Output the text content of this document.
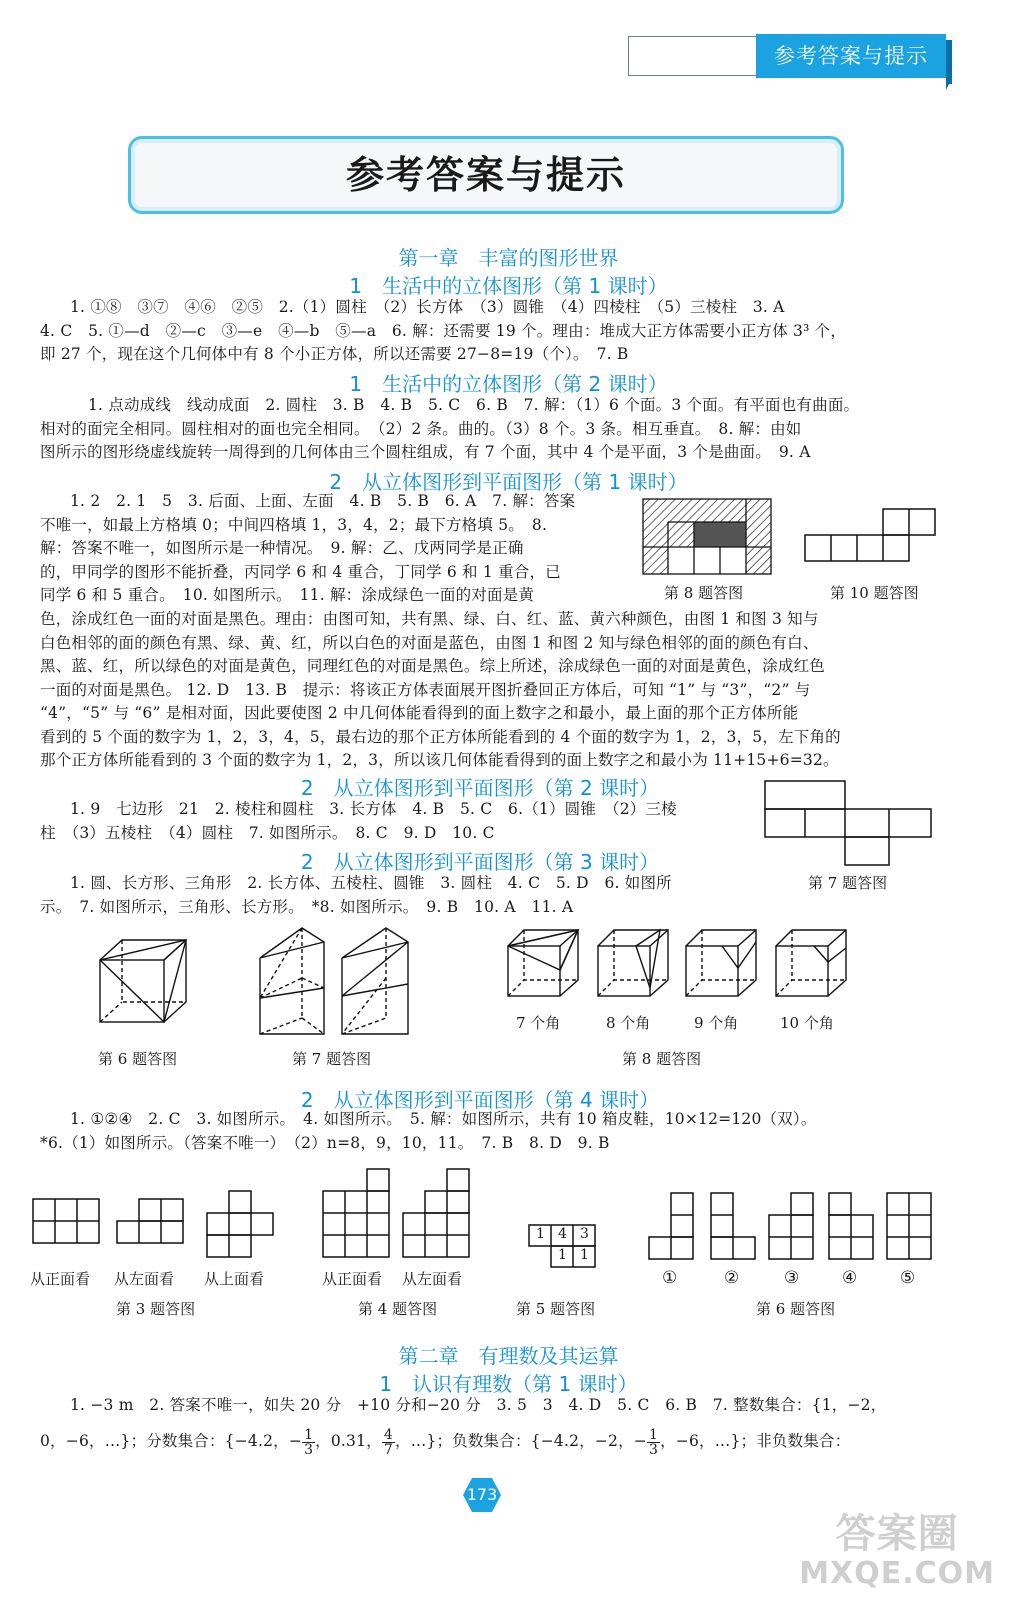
参考答案与提示
参考答案与提示
第一章　丰富的图形世界
1　生活中的立体图形（第 1 课时）
1. ①⑧　③⑦　④⑥　②⑤　2.（1）圆柱　（2）长方体　（3）圆锥　（4）四棱柱　（5）三棱柱　3. A
4. C　5. ①—d　②—c　③—e　④—b　⑤—a　6. 解：还需要 19 个。理由：堆成大正方体需要小正方体 3³ 个，
即 27 个，现在这个几何体中有 8 个小正方体，所以还需要 27−8=19（个）。　7. B
1　生活中的立体图形（第 2 课时）
1. 点动成线　线动成面　2. 圆柱　3. B　4. B　5. C　6. B　7. 解：（1）6 个面。3 个面。有平面也有曲面。
相对的面完全相同。圆柱相对的面也完全相同。　（2）2 条。曲的。（3）8 个。3 条。相互垂直。　8. 解：由如
图所示的图形绕虚线旋转一周得到的几何体由三个圆柱组成，有 7 个面，其中 4 个是平面，3 个是曲面。　9. A
2　从立体图形到平面图形（第 1 课时）
1. 2　2. 1　5　3. 后面、上面、左面　4. B　5. B　6. A　7. 解：答案
不唯一，如最上方格填 0；中间四格填 1，3，4，2；最下方格填 5。　8.
解：答案不唯一，如图所示是一种情况。　9. 解：乙、戊两同学是正确
的，甲同学的图形不能折叠，丙同学 6 和 4 重合，丁同学 6 和 1 重合，已
同学 6 和 5 重合。　10. 如图所示。　11. 解：涂成绿色一面的对面是黄	第 8 题答图	第 10 题答图
色，涂成红色一面的对面是黑色。理由：由图可知，共有黑、绿、白、红、蓝、黄六种颜色，由图 1 和图 3 知与
白色相邻的面的颜色有黑、绿、黄、红，所以白色的对面是蓝色，由图 1 和图 2 知与绿色相邻的面的颜色有白、
黑、蓝、红，所以绿色的对面是黄色，同理红色的对面是黑色。综上所述，涂成绿色一面的对面是黄色，涂成红色
一面的对面是黑色。 12. D　13. B　提示：将该正方体表面展开图折叠回正方体后，可知 “1” 与 “3”，“2” 与
“4”，“5” 与 “6” 是相对面，因此要使图 2 中几何体能看得到的面上数字之和最小，最上面的那个正方体所能
看到的 5 个面的数字为 1，2，3，4，5，最右边的那个正方体所能看到的 4 个面的数字为 1，2，3，5，左下角的
那个正方体所能看到的 3 个面的数字为 1，2，3，所以该几何体能看得到的面上数字之和最小为 11+15+6=32。
2　从立体图形到平面图形（第 2 课时）
1. 9　七边形　21　2. 棱柱和圆柱　3. 长方体　4. B　5. C　6.（1）圆锥　（2）三棱
柱　（3）五棱柱　（4）圆柱　7. 如图所示。　8. C　9. D　10. C
第 7 题答图
2　从立体图形到平面图形（第 3 课时）
1. 圆、长方形、三角形　2. 长方体、五棱柱、圆锥　3. 圆柱　4. C　5. D　6. 如图所
示。　7. 如图所示，三角形、长方形。　*8. 如图所示。　9. B　10. A　11. A
第 6 题答图	第 7 题答图
7 个角	8 个角	9 个角	10 个角
第 8 题答图
2　从立体图形到平面图形（第 4 课时）
1. ①②④　2. C　3. 如图所示。　4. 如图所示。　5. 解：如图所示，共有 10 箱皮鞋，10×12=120（双）。
*6.（1）如图所示。（答案不唯一）　（2）n=8，9，10，11。　7. B　8. D　9. B
从正面看 从左面看 从上面看
第 3 题答图
从正面看 从左面看
第 4 题答图
1 4 3
1 1
第 5 题答图
①	②	③	④	⑤
第 6 题答图
第二章　有理数及其运算
1　认识有理数（第 1 课时）
1. −3 m　2. 答案不唯一，如失 20 分　+10 分和−20 分　3. 5　3　4. D　5. C　6. B　7. 整数集合：{1，−2，
0，−6，…}；分数集合：{−4.2，− $\frac{1}{3}$ ，0.31， $\frac{4}{7}$ ，…}；负数集合：{−4.2，−2，− $\frac{1}{3}$ ，−6，…}；非负数集合：
173
答案圈
MXQE.COM
